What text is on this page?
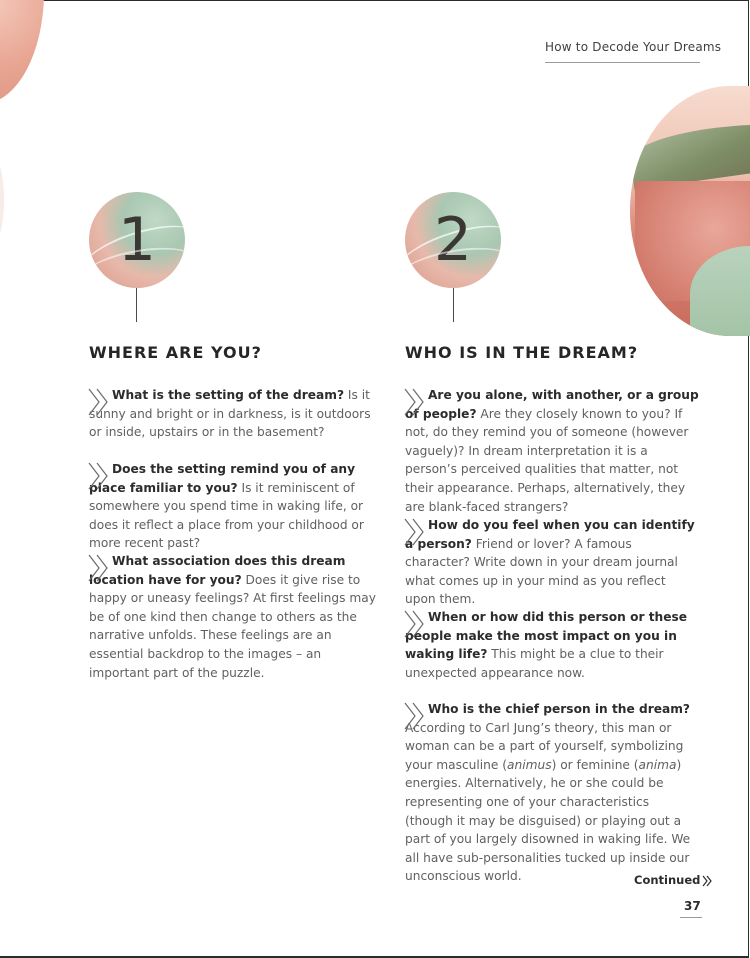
How to Decode Your Dreams
1
WHERE ARE YOU?
What is the setting of the dream? Is it sunny and bright or in darkness, is it outdoors or inside, upstairs or in the basement?
Does the setting remind you of any place familiar to you? Is it reminiscent of somewhere you spend time in waking life, or does it reflect a place from your childhood or more recent past?
What association does this dream location have for you? Does it give rise to happy or uneasy feelings? At first feelings may be of one kind then change to others as the narrative unfolds. These feelings are an essential backdrop to the images – an important part of the puzzle.
2
WHO IS IN THE DREAM?
Are you alone, with another, or a group of people? Are they closely known to you? If not, do they remind you of someone (however vaguely)? In dream interpretation it is a person’s perceived qualities that matter, not their appearance. Perhaps, alternatively, they are blank-faced strangers?
How do you feel when you can identify a person? Friend or lover? A famous character? Write down in your dream journal what comes up in your mind as you reflect upon them.
When or how did this person or these people make the most impact on you in waking life? This might be a clue to their unexpected appearance now.
Who is the chief person in the dream? According to Carl Jung’s theory, this man or woman can be a part of yourself, symbolizing your masculine (animus) or feminine (anima) energies. Alternatively, he or she could be representing one of your characteristics (though it may be disguised) or playing out a part of you largely disowned in waking life. We all have sub-personalities tucked up inside our unconscious world.	Continued
37
